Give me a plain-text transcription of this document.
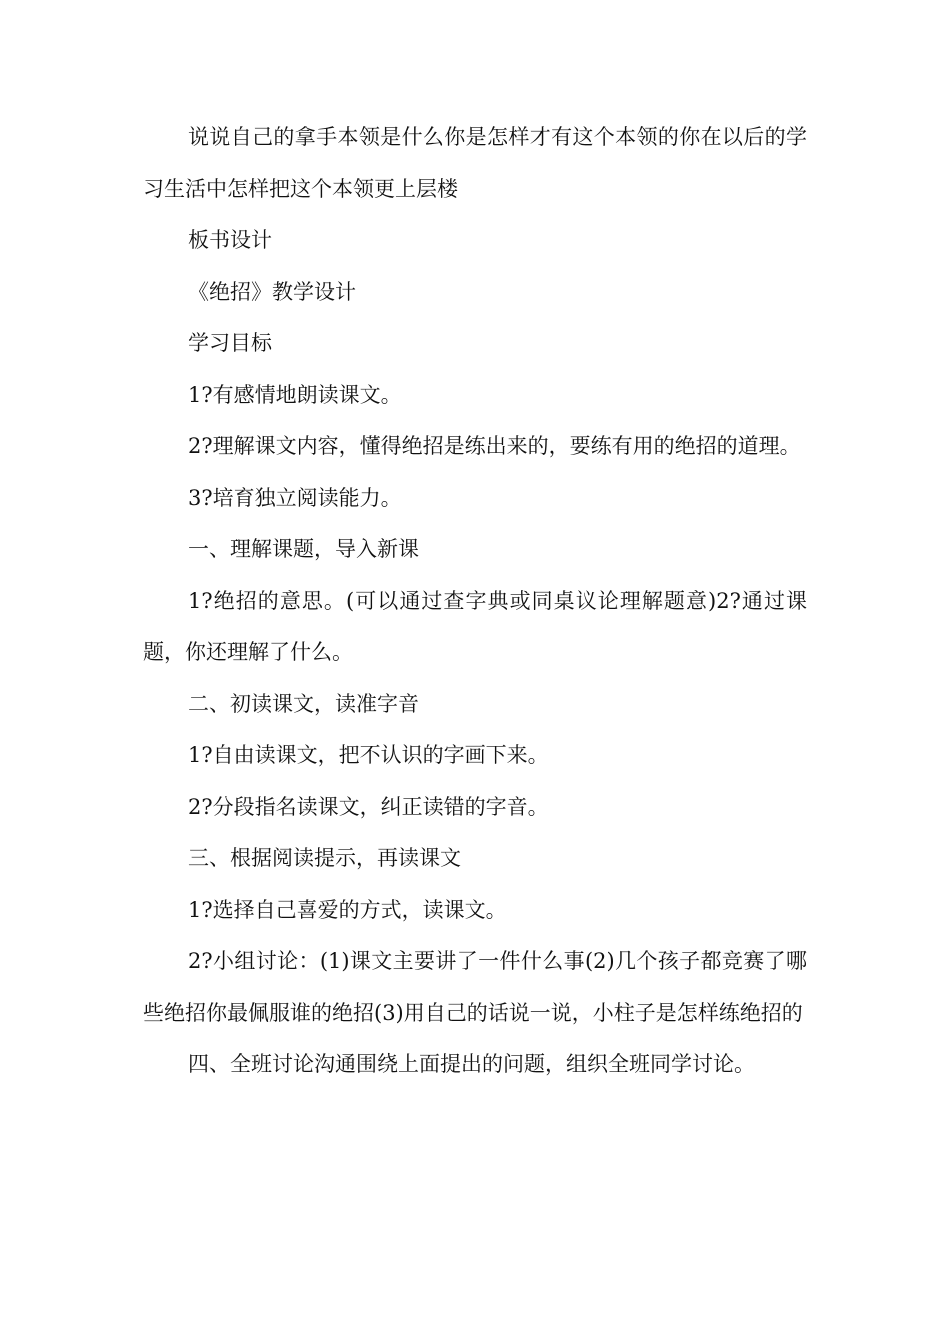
说说自己的拿手本领是什么你是怎样才有这个本领的你在以后的学习生活中怎样把这个本领更上层楼

板书设计

《绝招》教学设计

学习目标

1?有感情地朗读课文。

2?理解课文内容，懂得绝招是练出来的，要练有用的绝招的道理。

3?培育独立阅读能力。

一、理解课题，导入新课

1?绝招的意思。(可以通过查字典或同桌议论理解题意)2?通过课题，你还理解了什么。

二、初读课文，读准字音

1?自由读课文，把不认识的字画下来。

2?分段指名读课文，纠正读错的字音。

三、根据阅读提示，再读课文

1?选择自己喜爱的方式，读课文。

2?小组讨论：(1)课文主要讲了一件什么事(2)几个孩子都竞赛了哪些绝招你最佩服谁的绝招(3)用自己的话说一说，小柱子是怎样练绝招的

四、全班讨论沟通围绕上面提出的问题，组织全班同学讨论。
